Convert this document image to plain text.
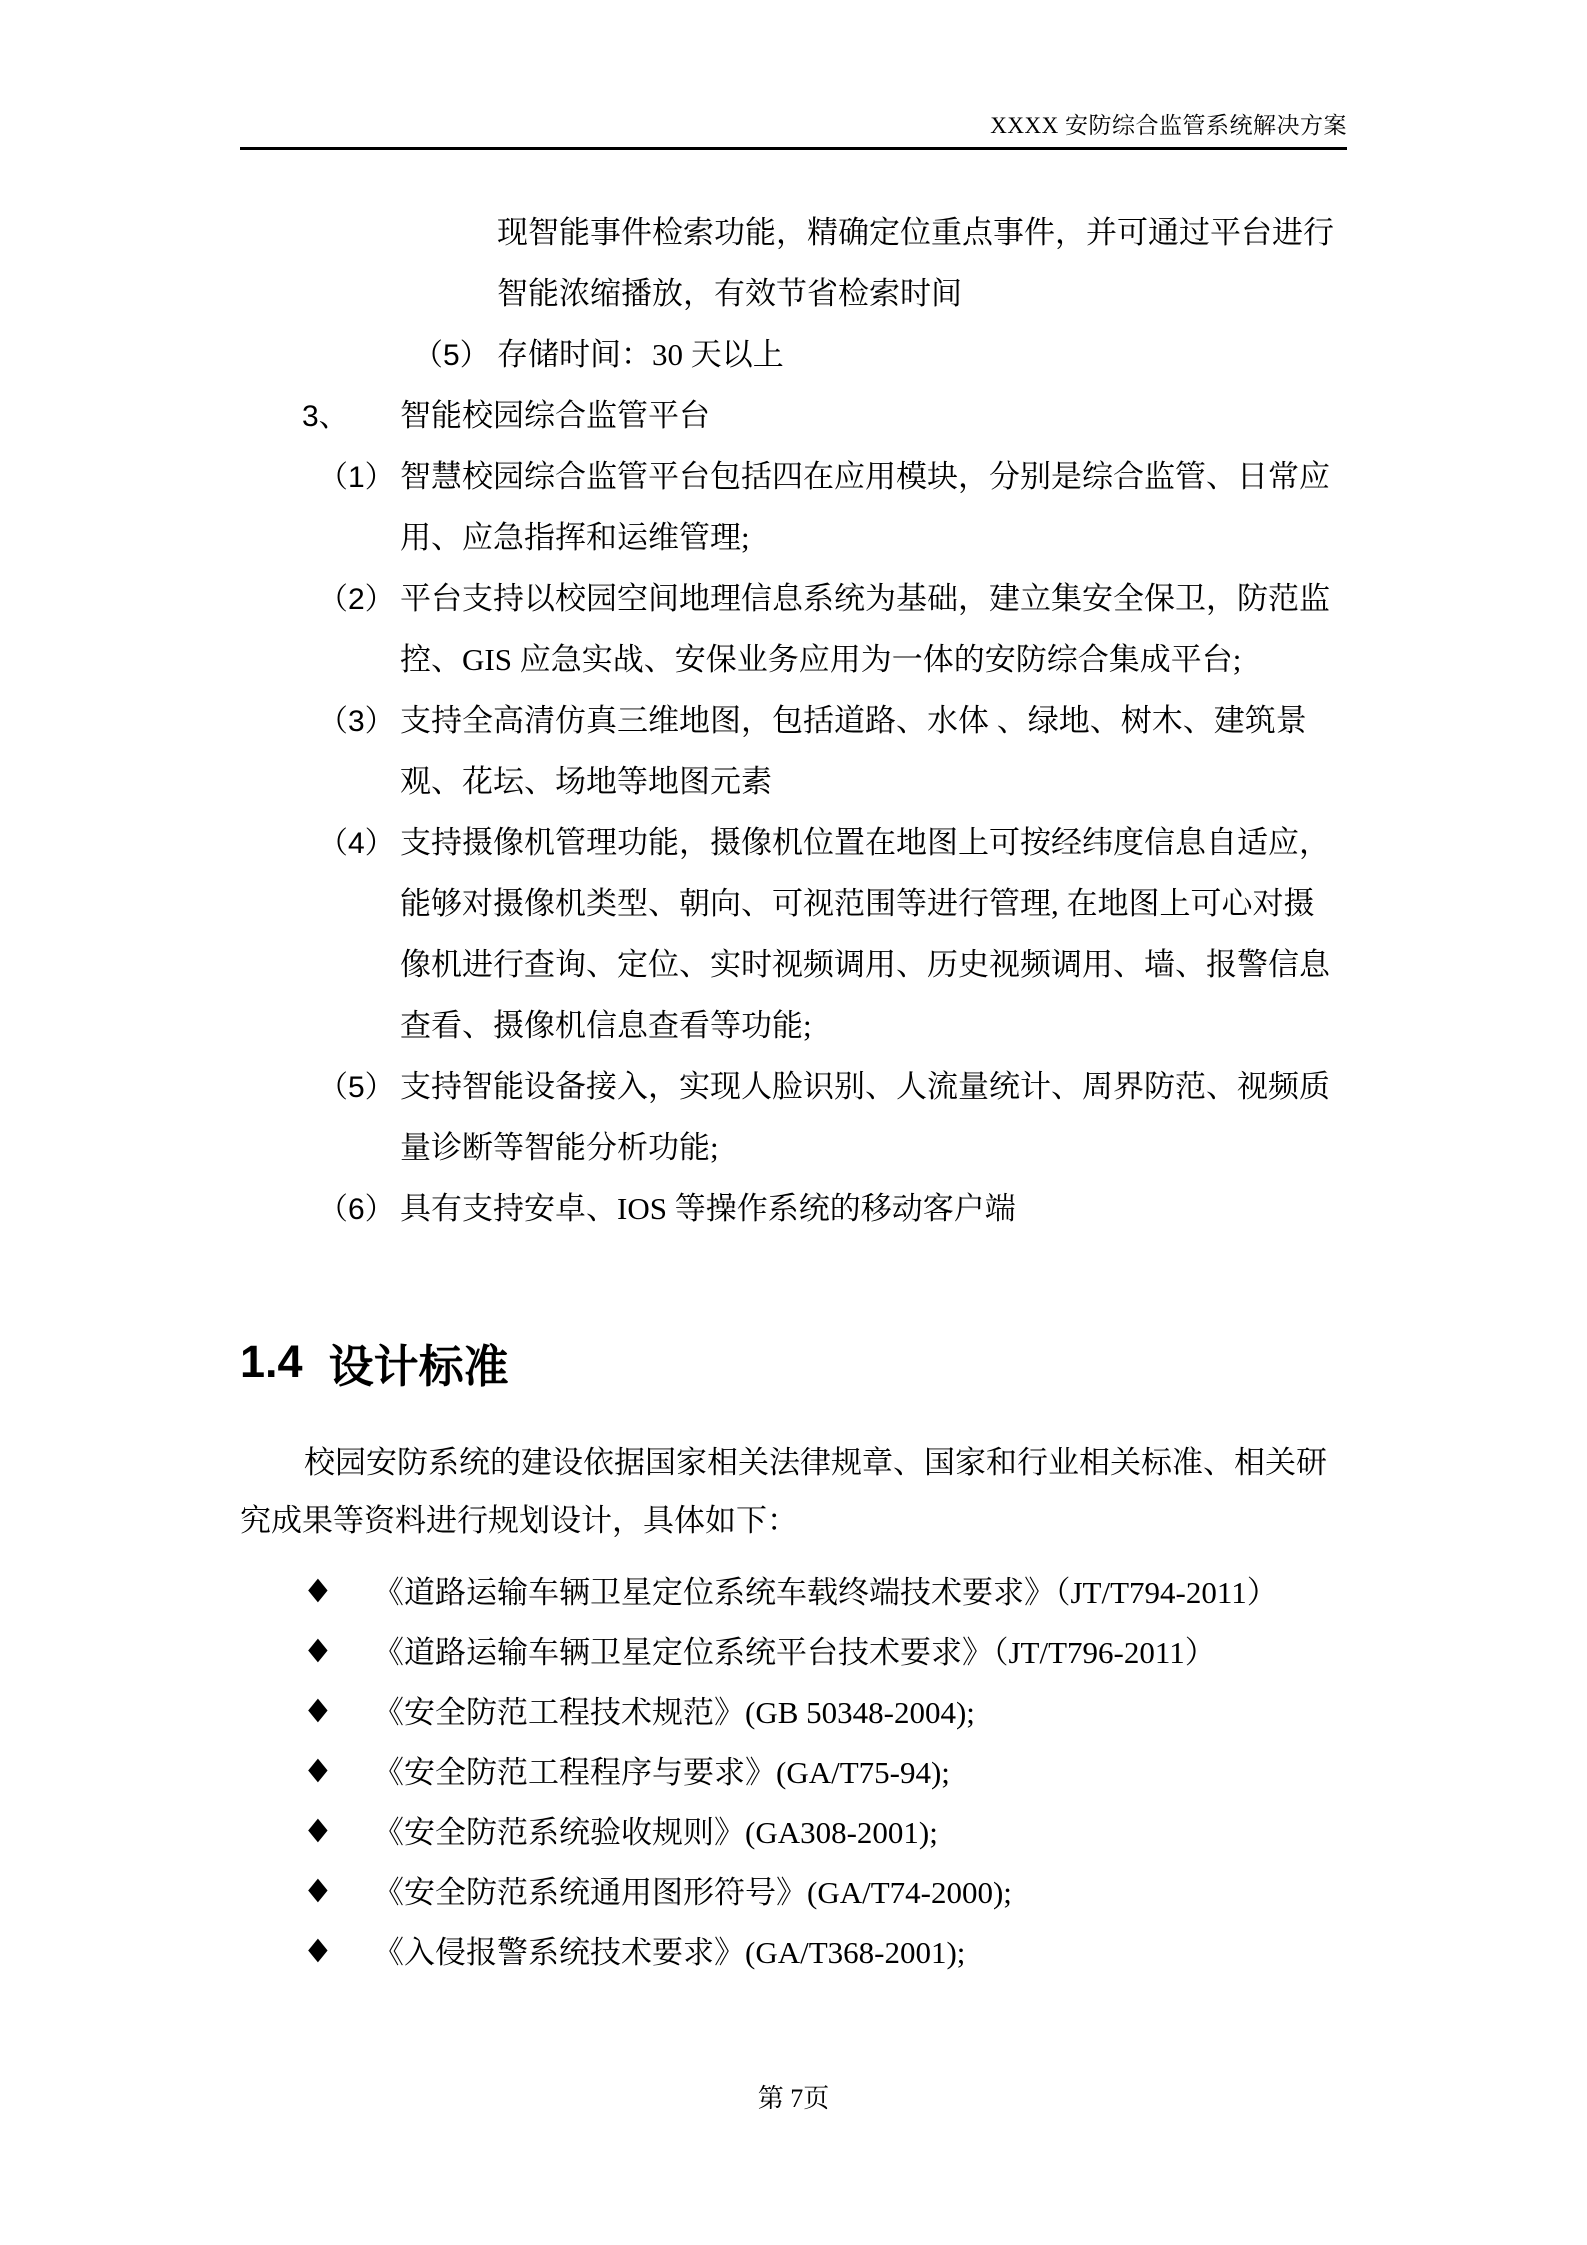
XXXX 安防综合监管系统解决方案
现智能事件检索功能，精确定位重点事件，并可通过平台进行
智能浓缩播放，有效节省检索时间
（5） 存储时间：30 天以上
3、 智能校园综合监管平台
（1） 智慧校园综合监管平台包括四在应用模块，分别是综合监管、日常应
用、应急指挥和运维管理;
（2） 平台支持以校园空间地理信息系统为基础，建立集安全保卫，防范监
控、GIS 应急实战、安保业务应用为一体的安防综合集成平台;
（3） 支持全高清仿真三维地图，包括道路、水体 、绿地、树木、建筑景
观、花坛、场地等地图元素
（4） 支持摄像机管理功能，摄像机位置在地图上可按经纬度信息自适应，
能够对摄像机类型、朝向、可视范围等进行管理, 在地图上可心对摄
像机进行查询、定位、实时视频调用、历史视频调用、墙、报警信息
查看、摄像机信息查看等功能;
（5） 支持智能设备接入，实现人脸识别、人流量统计、周界防范、视频质
量诊断等智能分析功能;
（6） 具有支持安卓、IOS 等操作系统的移动客户端
1.4 设计标准
校园安防系统的建设依据国家相关法律规章、国家和行业相关标准、相关研
究成果等资料进行规划设计，具体如下：
◆ 《道路运输车辆卫星定位系统车载终端技术要求》（JT/T794-2011）
◆ 《道路运输车辆卫星定位系统平台技术要求》（JT/T796-2011）
◆ 《安全防范工程技术规范》(GB 50348-2004);
◆ 《安全防范工程程序与要求》(GA/T75-94);
◆ 《安全防范系统验收规则》(GA308-2001);
◆ 《安全防范系统通用图形符号》(GA/T74-2000);
◆ 《入侵报警系统技术要求》(GA/T368-2001);
第 7页
